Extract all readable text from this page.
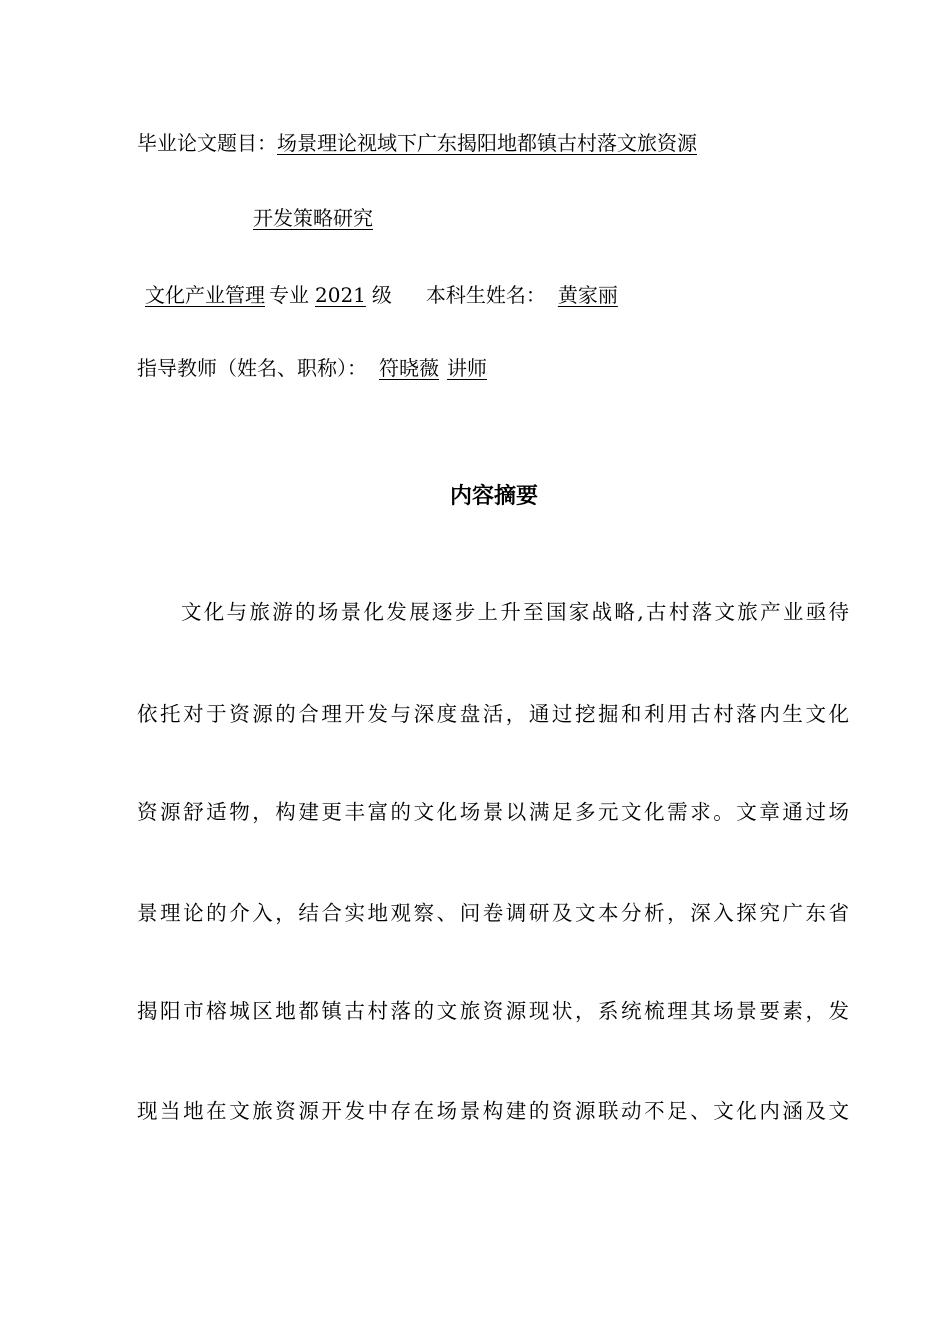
毕业论文题目：场景理论视域下广东揭阳地都镇古村落文旅资源
开发策略研究
文化产业管理 专业 2021 级 本科生姓名： 黄家丽
指导教师（姓名、职称）： 符晓薇 讲师
内容摘要
文化与旅游的场景化发展逐步上升至国家战略,古村落文旅产业亟待
依托对于资源的合理开发与深度盘活，通过挖掘和利用古村落内生文化
资源舒适物，构建更丰富的文化场景以满足多元文化需求。文章通过场
景理论的介入，结合实地观察、问卷调研及文本分析，深入探究广东省
揭阳市榕城区地都镇古村落的文旅资源现状，系统梳理其场景要素，发
现当地在文旅资源开发中存在场景构建的资源联动不足、文化内涵及文
